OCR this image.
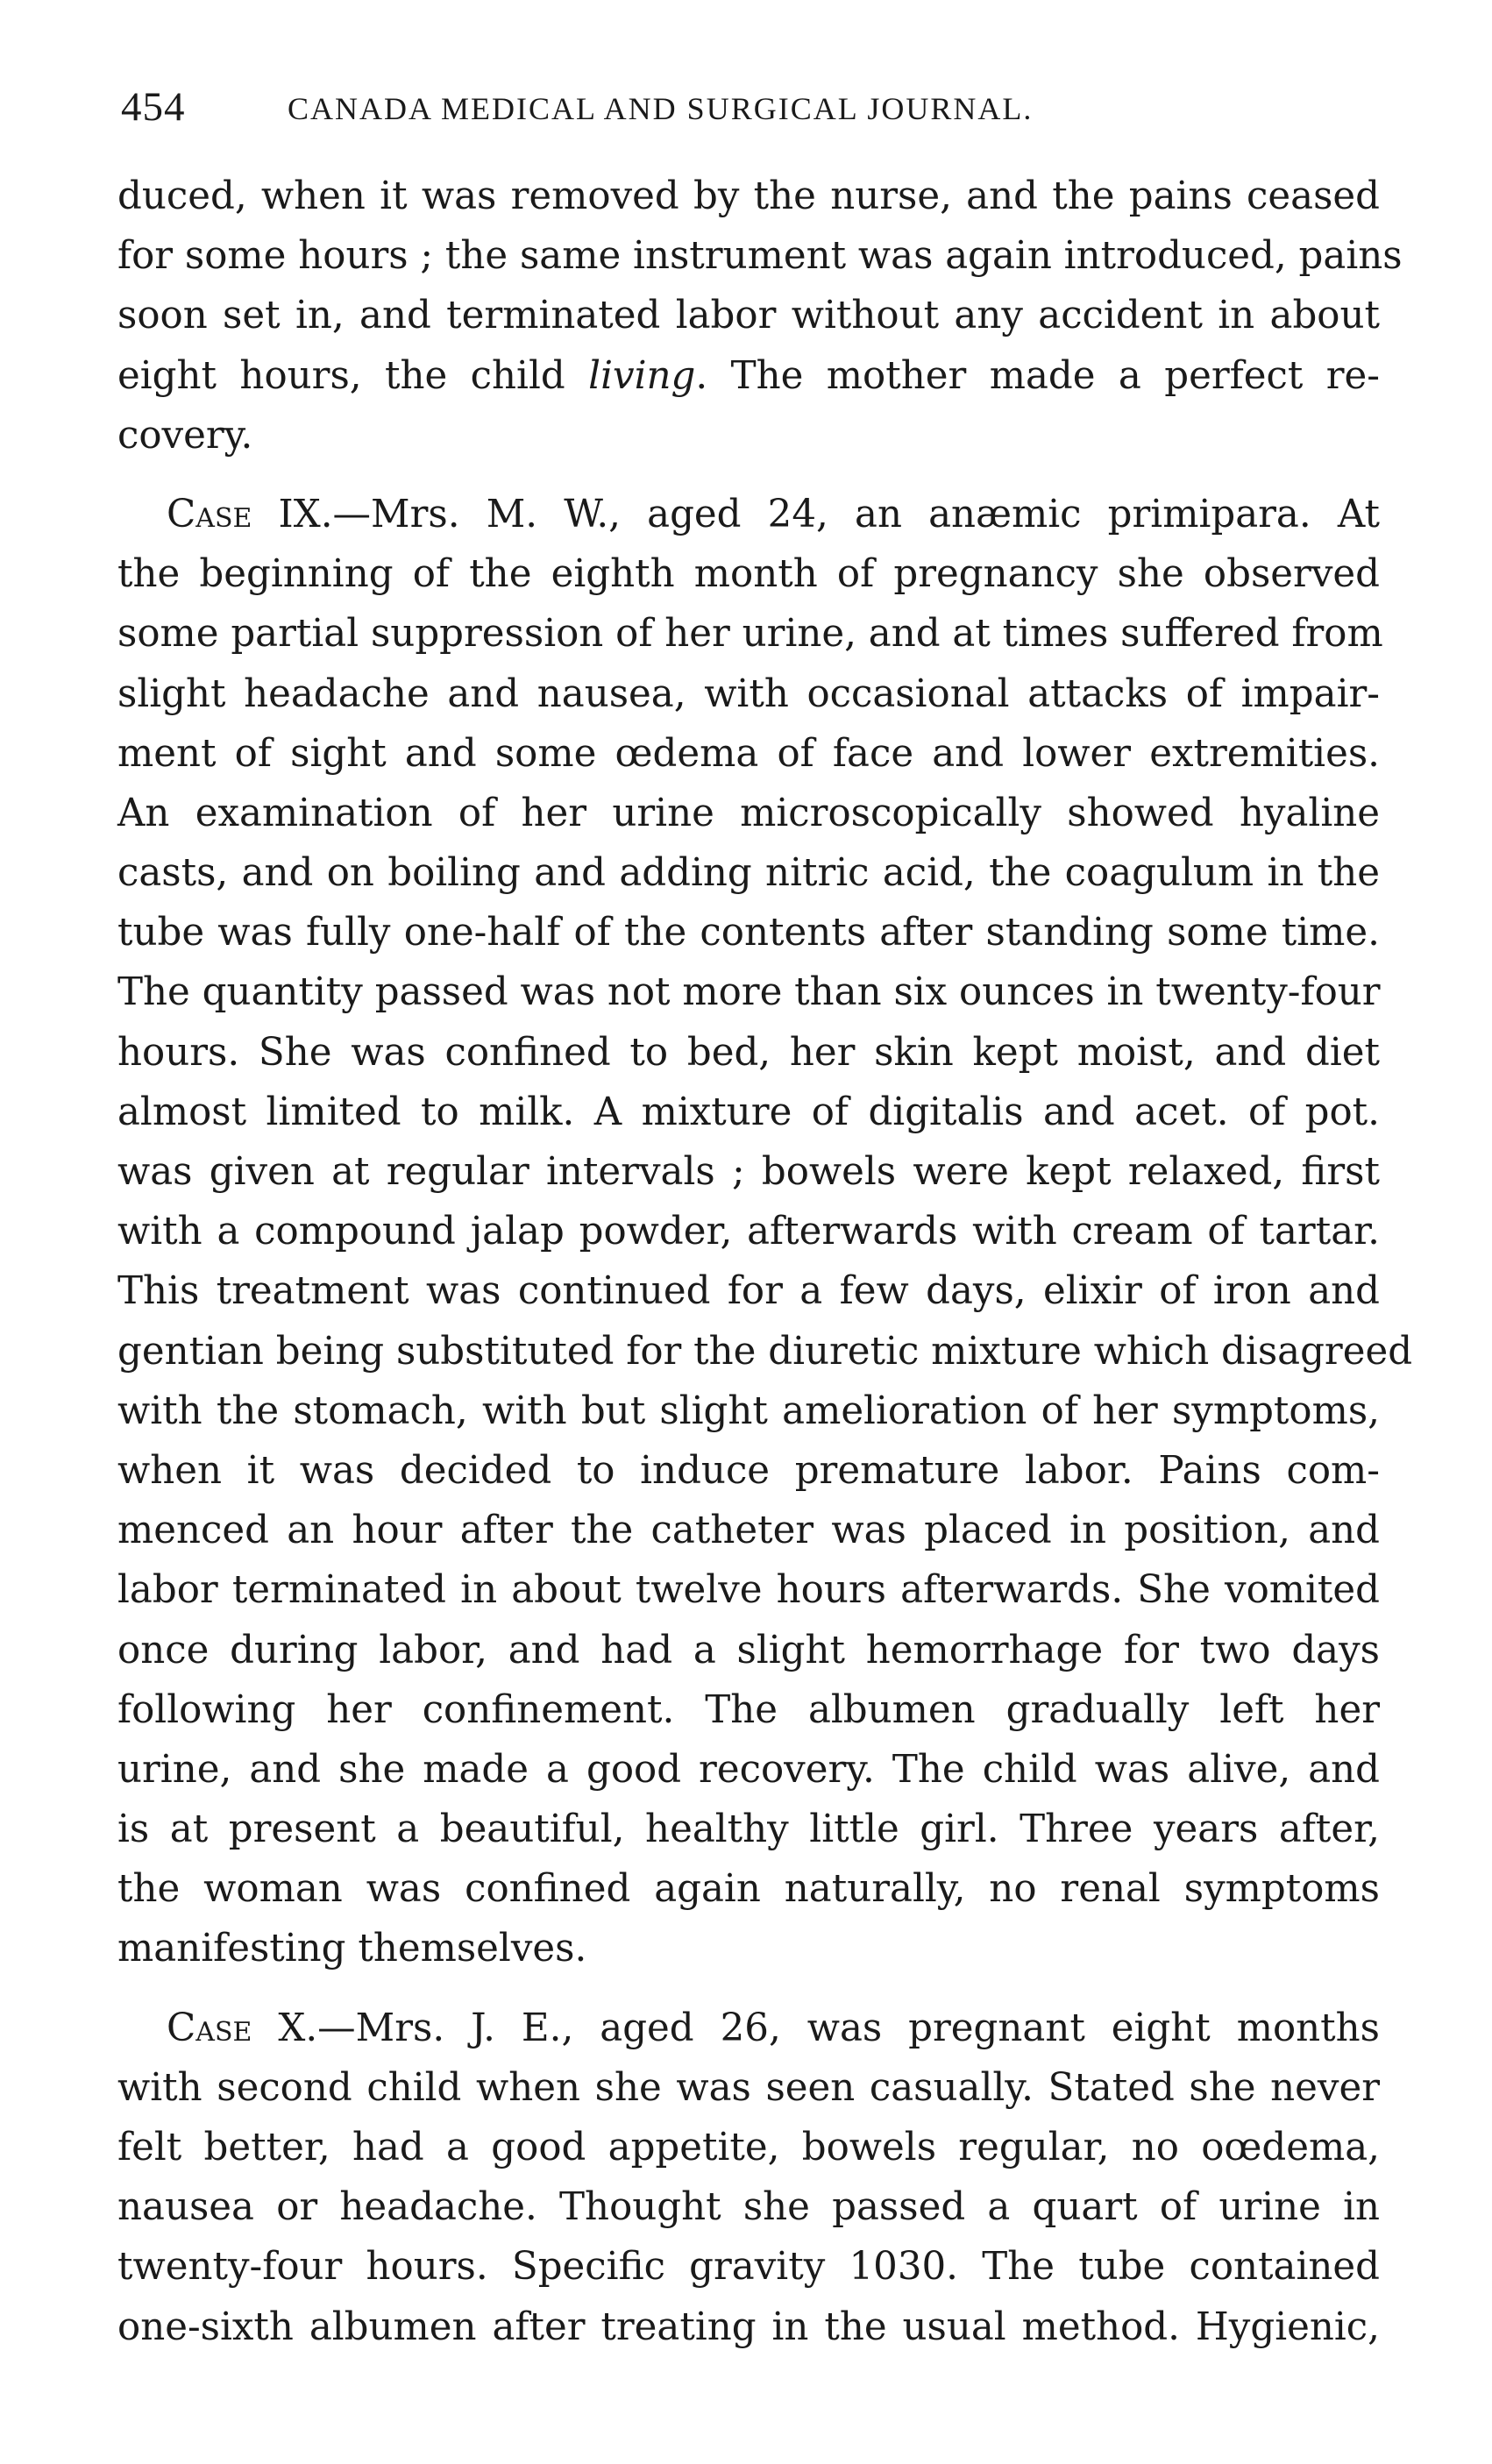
454	CANADA MEDICAL AND SURGICAL JOURNAL.
duced, when it was removed by the nurse, and the pains ceased
for some hours ; the same instrument was again introduced, pains
soon set in, and terminated labor without any accident in about
eight hours, the child living. The mother made a perfect re-
covery.
Case IX.—Mrs. M. W., aged 24, an anæmic primipara. At
the beginning of the eighth month of pregnancy she observed
some partial suppression of her urine, and at times suffered from
slight headache and nausea, with occasional attacks of impair-
ment of sight and some œdema of face and lower extremities.
An examination of her urine microscopically showed hyaline
casts, and on boiling and adding nitric acid, the coagulum in the
tube was fully one-half of the contents after standing some time.
The quantity passed was not more than six ounces in twenty-four
hours. She was confined to bed, her skin kept moist, and diet
almost limited to milk. A mixture of digitalis and acet. of pot.
was given at regular intervals ; bowels were kept relaxed, first
with a compound jalap powder, afterwards with cream of tartar.
This treatment was continued for a few days, elixir of iron and
gentian being substituted for the diuretic mixture which disagreed
with the stomach, with but slight amelioration of her symptoms,
when it was decided to induce premature labor. Pains com-
menced an hour after the catheter was placed in position, and
labor terminated in about twelve hours afterwards. She vomited
once during labor, and had a slight hemorrhage for two days
following her confinement. The albumen gradually left her
urine, and she made a good recovery. The child was alive, and
is at present a beautiful, healthy little girl. Three years after,
the woman was confined again naturally, no renal symptoms
manifesting themselves.
Case X.—Mrs. J. E., aged 26, was pregnant eight months
with second child when she was seen casually. Stated she never
felt better, had a good appetite, bowels regular, no oœdema,
nausea or headache. Thought she passed a quart of urine in
twenty-four hours. Specific gravity 1030. The tube contained
one-sixth albumen after treating in the usual method. Hygienic,
